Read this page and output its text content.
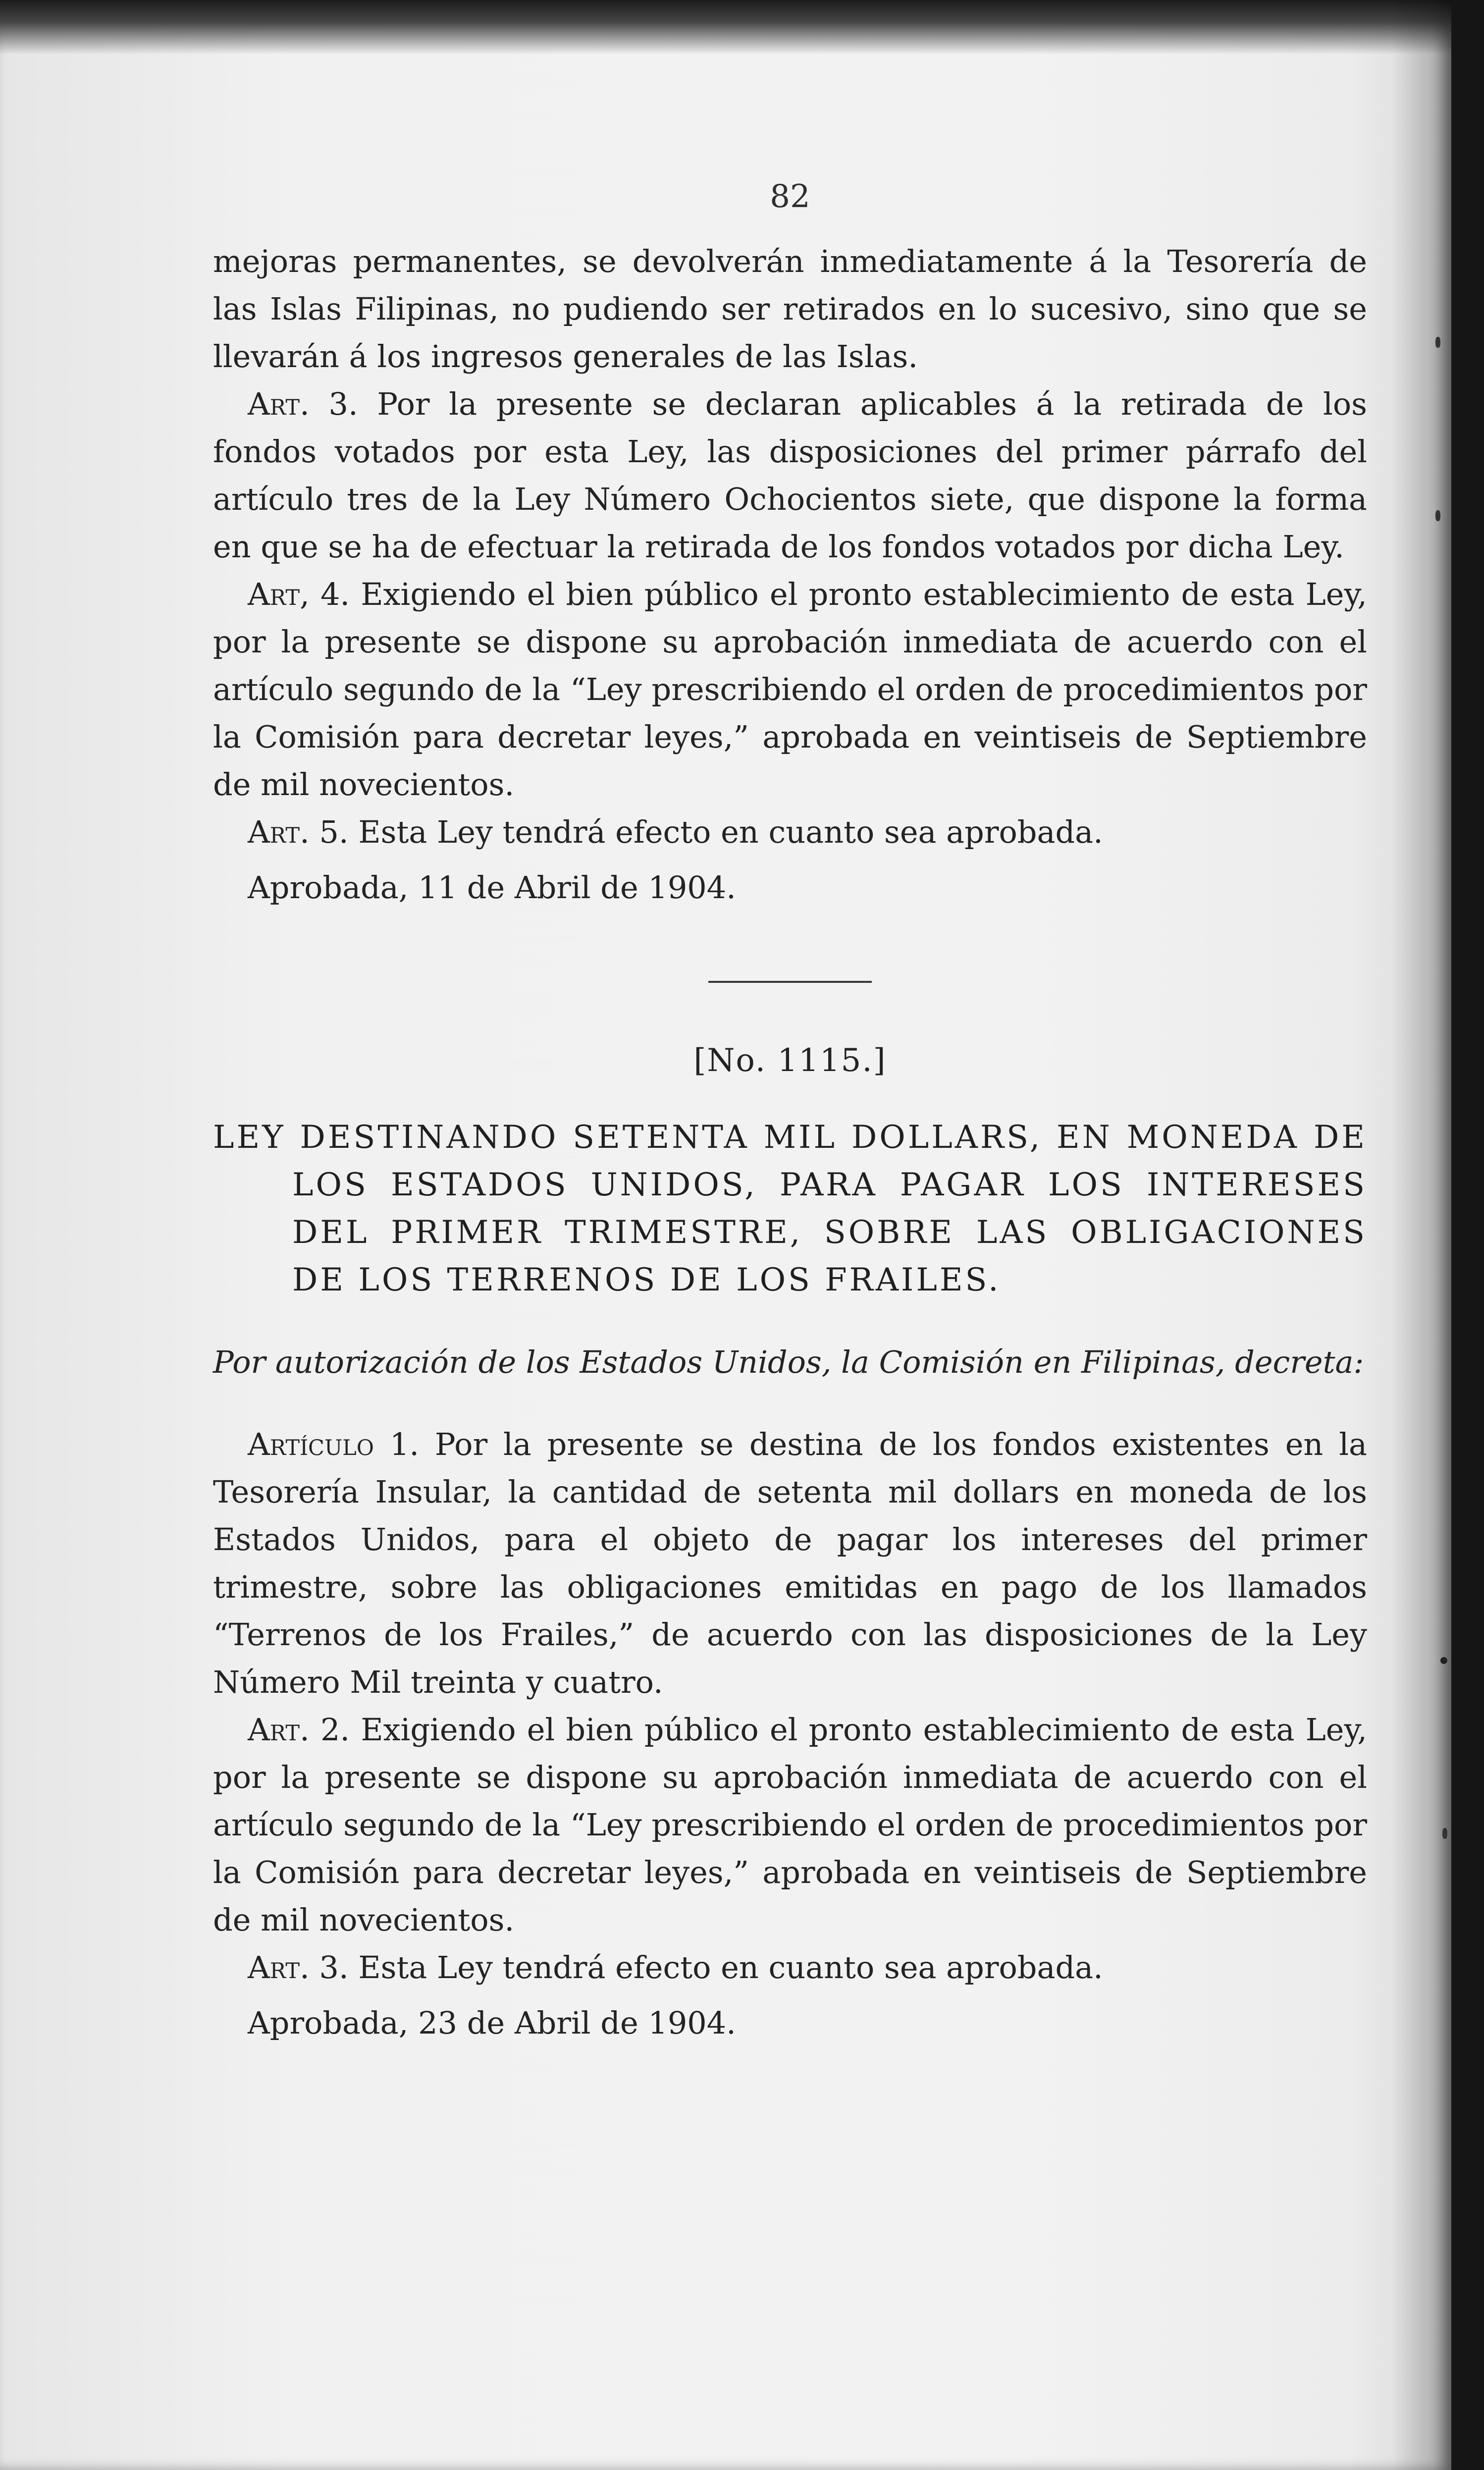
82

mejoras permanentes, se devolverán inmediatamente á la Tesorería de las Islas Filipinas, no pudiendo ser retirados en lo sucesivo, sino que se llevarán á los ingresos generales de las Islas.

Art. 3. Por la presente se declaran aplicables á la retirada de los fondos votados por esta Ley, las disposiciones del primer párrafo del artículo tres de la Ley Número Ochocientos siete, que dispone la forma en que se ha de efectuar la retirada de los fondos votados por dicha Ley.

Art, 4. Exigiendo el bien público el pronto establecimiento de esta Ley, por la presente se dispone su aprobación inmediata de acuerdo con el artículo segundo de la “Ley prescribiendo el orden de procedimientos por la Comisión para decretar leyes,” aprobada en veintiseis de Septiembre de mil novecientos.

Art. 5. Esta Ley tendrá efecto en cuanto sea aprobada.

Aprobada, 11 de Abril de 1904.

[No. 1115.]

LEY DESTINANDO SETENTA MIL DOLLARS, EN MONEDA DE LOS ESTADOS UNIDOS, PARA PAGAR LOS INTERESES DEL PRIMER TRIMESTRE, SOBRE LAS OBLIGACIONES DE LOS TERRENOS DE LOS FRAILES.

Por autorización de los Estados Unidos, la Comisión en Filipinas, decreta:

Artículo 1. Por la presente se destina de los fondos existentes en la Tesorería Insular, la cantidad de setenta mil dollars en moneda de los Estados Unidos, para el objeto de pagar los intereses del primer trimestre, sobre las obligaciones emitidas en pago de los llamados “Terrenos de los Frailes,” de acuerdo con las disposiciones de la Ley Número Mil treinta y cuatro.

Art. 2. Exigiendo el bien público el pronto establecimiento de esta Ley, por la presente se dispone su aprobación inmediata de acuerdo con el artículo segundo de la “Ley prescribiendo el orden de procedimientos por la Comisión para decretar leyes,” aprobada en veintiseis de Septiembre de mil novecientos.

Art. 3. Esta Ley tendrá efecto en cuanto sea aprobada.

Aprobada, 23 de Abril de 1904.
